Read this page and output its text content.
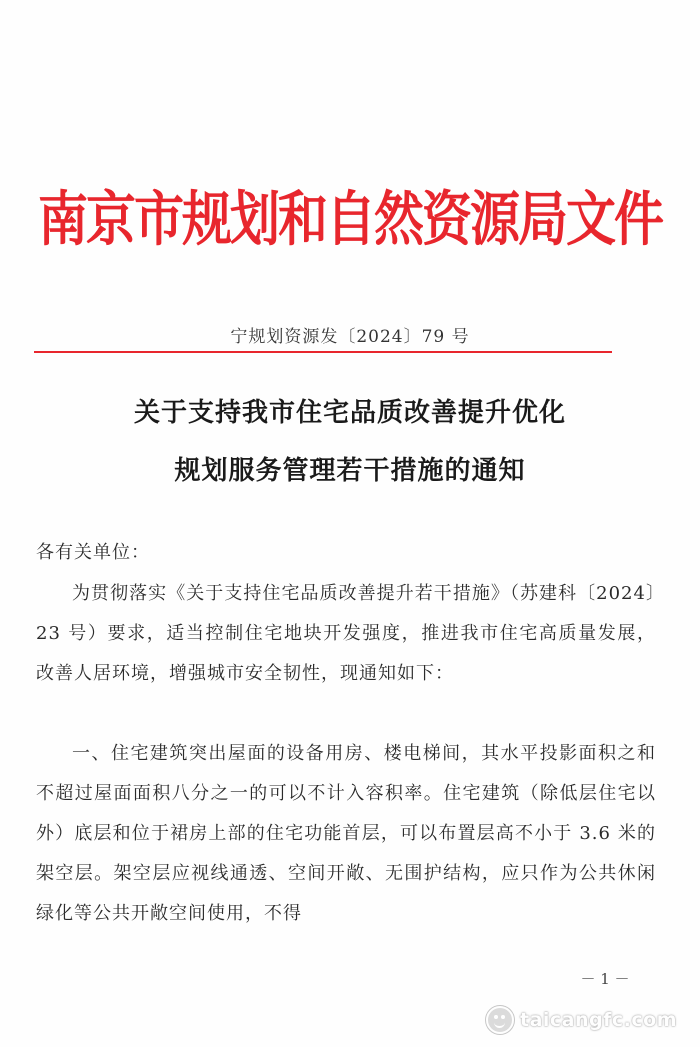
南京市规划和自然资源局文件
宁规划资源发〔2024〕79 号
关于支持我市住宅品质改善提升优化
规划服务管理若干措施的通知
各有关单位：
为贯彻落实《关于支持住宅品质改善提升若干措施》（苏建科〔2024〕23 号）要求，适当控制住宅地块开发强度，推进我市住宅高质量发展，改善人居环境，增强城市安全韧性，现通知如下：
一、住宅建筑突出屋面的设备用房、楼电梯间，其水平投影面积之和不超过屋面面积八分之一的可以不计入容积率。住宅建筑（除低层住宅以外）底层和位于裙房上部的住宅功能首层，可以布置层高不小于 3.6 米的架空层。架空层应视线通透、空间开敞、无围护结构，应只作为公共休闲绿化等公共开敞空间使用，不得
－ 1 －
taicangfc.com
